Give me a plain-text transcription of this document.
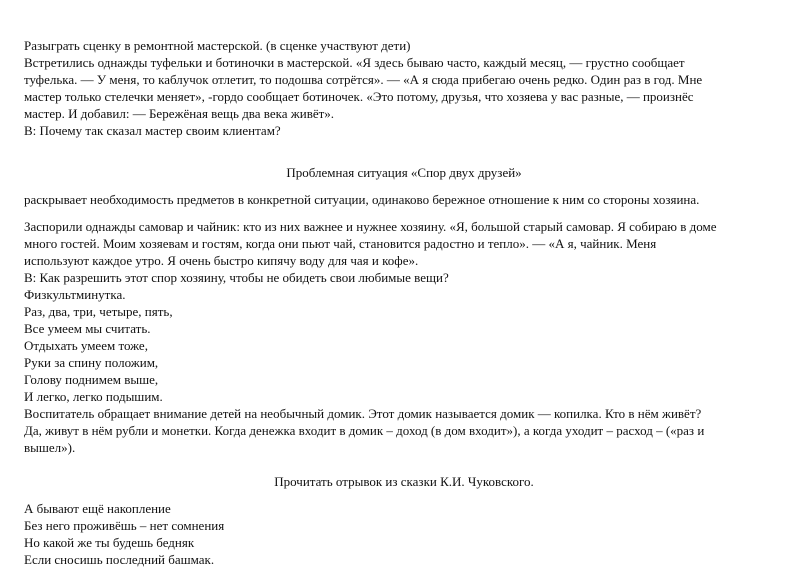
Разыграть сценку в ремонтной мастерской. (в сценке участвуют дети)
Встретились однажды туфельки и ботиночки в мастерской. «Я здесь бываю часто, каждый месяц, — грустно сообщает
туфелька. — У меня, то каблучок отлетит, то подошва сотрётся». — «А я сюда прибегаю очень редко. Один раз в год. Мне
мастер только стелечки меняет», -гордо сообщает ботиночек. «Это потому, друзья, что хозяева у вас разные, — произнёс
мастер. И добавил: — Бережёная вещь два века живёт».
В: Почему так сказал мастер своим клиентам?
Проблемная ситуация «Спор двух друзей»
раскрывает необходимость предметов в конкретной ситуации, одинаково бережное отношение к ним со стороны хозяина.
Заспорили однажды самовар и чайник: кто из них важнее и нужнее хозяину. «Я, большой старый самовар. Я собираю в доме
много гостей. Моим хозяевам и гостям, когда они пьют чай, становится радостно и тепло». — «А я, чайник. Меня
используют каждое утро. Я очень быстро кипячу воду для чая и кофе».
В: Как разрешить этот спор хозяину, чтобы не обидеть свои любимые вещи?
Физкультминутка.
Раз, два, три, четыре, пять,
Все умеем мы считать.
Отдыхать умеем тоже,
Руки за спину положим,
Голову поднимем выше,
И легко, легко подышим.
Воспитатель обращает внимание детей на необычный домик. Этот домик называется домик — копилка. Кто в нём живёт?
Да, живут в нём рубли и монетки. Когда денежка входит в домик – доход (в дом входит»), а когда уходит – расход – («раз и
вышел»).
Прочитать отрывок из сказки К.И. Чуковского.
А бывают ещё накопление
Без него проживёшь – нет сомнения
Но какой же ты будешь бедняк
Если сносишь последний башмак.
